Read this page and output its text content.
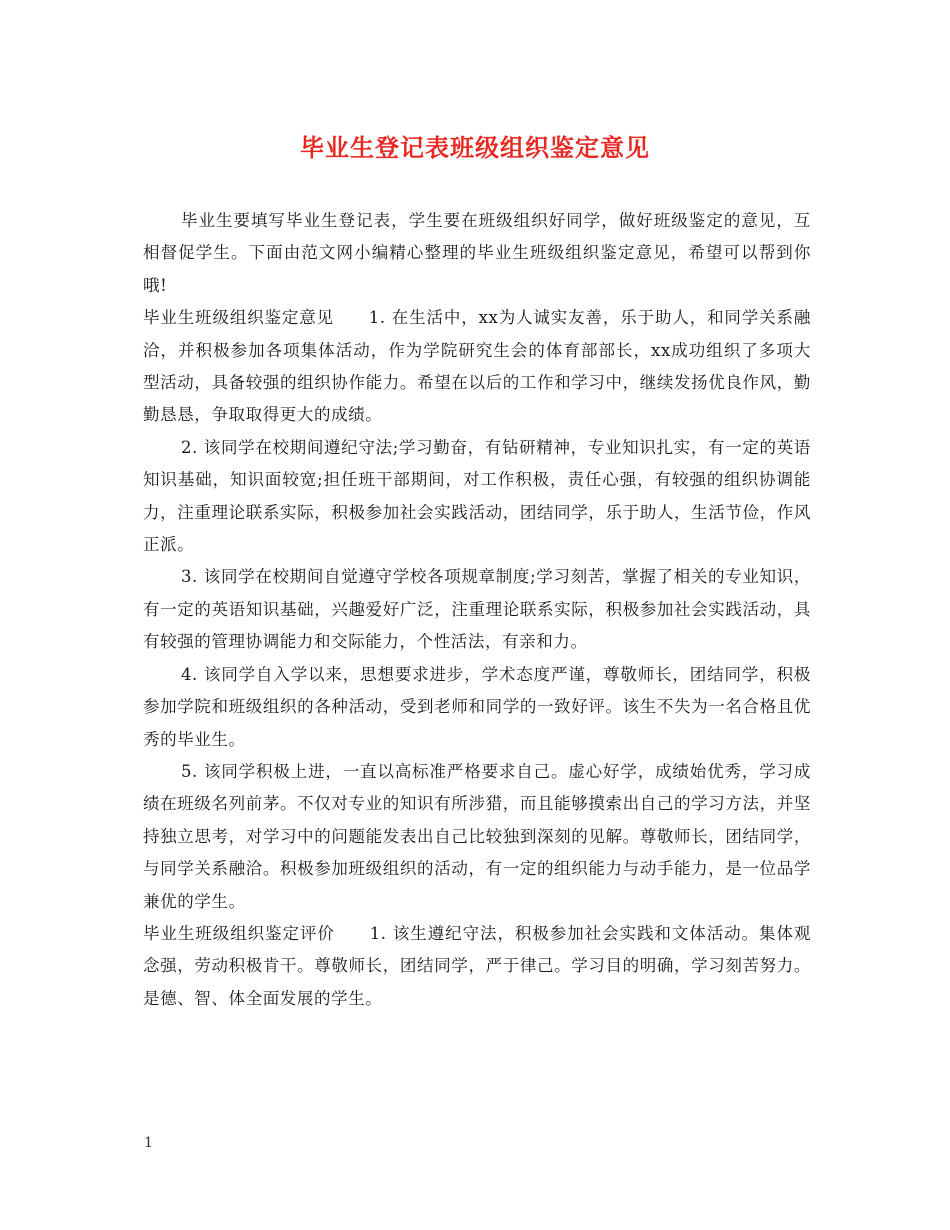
毕业生登记表班级组织鉴定意见

毕业生要填写毕业生登记表，学生要在班级组织好同学，做好班级鉴定的意见，互相督促学生。下面由范文网小编精心整理的毕业生班级组织鉴定意见，希望可以帮到你哦!

毕业生班级组织鉴定意见　　1. 在生活中，xx为人诚实友善，乐于助人，和同学关系融洽，并积极参加各项集体活动，作为学院研究生会的体育部部长，xx成功组织了多项大型活动，具备较强的组织协作能力。希望在以后的工作和学习中，继续发扬优良作风，勤勤恳恳，争取取得更大的成绩。

2. 该同学在校期间遵纪守法;学习勤奋，有钻研精神，专业知识扎实，有一定的英语知识基础，知识面较宽;担任班干部期间，对工作积极，责任心强，有较强的组织协调能力，注重理论联系实际，积极参加社会实践活动，团结同学，乐于助人，生活节俭，作风正派。

3. 该同学在校期间自觉遵守学校各项规章制度;学习刻苦，掌握了相关的专业知识，有一定的英语知识基础，兴趣爱好广泛，注重理论联系实际，积极参加社会实践活动，具有较强的管理协调能力和交际能力，个性活法，有亲和力。

4. 该同学自入学以来，思想要求进步，学术态度严谨，尊敬师长，团结同学，积极参加学院和班级组织的各种活动，受到老师和同学的一致好评。该生不失为一名合格且优秀的毕业生。

5. 该同学积极上进，一直以高标准严格要求自己。虚心好学，成绩始优秀，学习成绩在班级名列前茅。不仅对专业的知识有所涉猎，而且能够摸索出自己的学习方法，并坚持独立思考，对学习中的问题能发表出自己比较独到深刻的见解。尊敬师长，团结同学，与同学关系融洽。积极参加班级组织的活动，有一定的组织能力与动手能力，是一位品学兼优的学生。

毕业生班级组织鉴定评价　　1. 该生遵纪守法，积极参加社会实践和文体活动。集体观念强，劳动积极肯干。尊敬师长，团结同学，严于律己。学习目的明确，学习刻苦努力。是德、智、体全面发展的学生。

1
